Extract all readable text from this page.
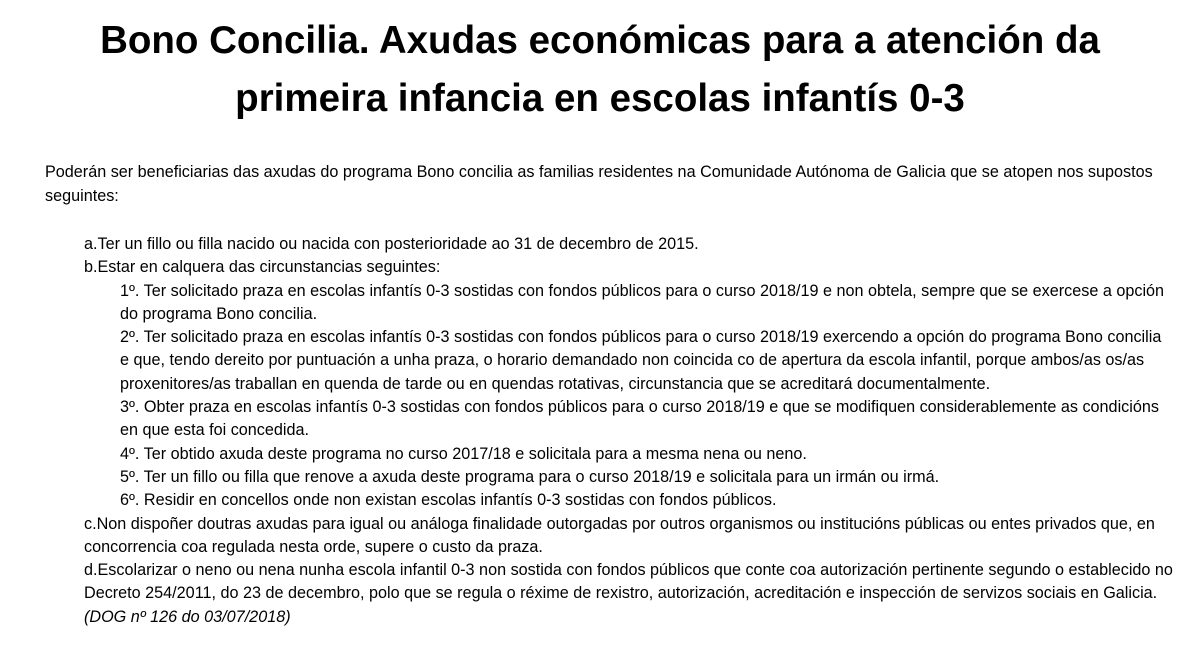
Bono Concilia. Axudas económicas para a atención da primeira infancia en escolas infantís 0-3

Poderán ser beneficiarias das axudas do programa Bono concilia as familias residentes na Comunidade Autónoma de Galicia que se atopen nos supostos seguintes:

a.Ter un fillo ou filla nacido ou nacida con posterioridade ao 31 de decembro de 2015.

b.Estar en calquera das circunstancias seguintes:

1º. Ter solicitado praza en escolas infantís 0-3 sostidas con fondos públicos para o curso 2018/19 e non obtela, sempre que se exercese a opción do programa Bono concilia.

2º. Ter solicitado praza en escolas infantís 0-3 sostidas con fondos públicos para o curso 2018/19 exercendo a opción do programa Bono concilia e que, tendo dereito por puntuación a unha praza, o horario demandado non coincida co de apertura da escola infantil, porque ambos/as os/as proxenitores/as traballan en quenda de tarde ou en quendas rotativas, circunstancia que se acreditará documentalmente.

3º. Obter praza en escolas infantís 0-3 sostidas con fondos públicos para o curso 2018/19 e que se modifiquen considerablemente as condicións en que esta foi concedida.

4º. Ter obtido axuda deste programa no curso 2017/18 e solicitala para a mesma nena ou neno.

5º. Ter un fillo ou filla que renove a axuda deste programa para o curso 2018/19 e solicitala para un irmán ou irmá.

6º. Residir en concellos onde non existan escolas infantís 0-3 sostidas con fondos públicos.

c.Non dispoñer doutras axudas para igual ou análoga finalidade outorgadas por outros organismos ou institucións públicas ou entes privados que, en concorrencia coa regulada nesta orde, supere o custo da praza.

d.Escolarizar o neno ou nena nunha escola infantil 0-3 non sostida con fondos públicos que conte coa autorización pertinente segundo o establecido no Decreto 254/2011, do 23 de decembro, polo que se regula o réxime de rexistro, autorización, acreditación e inspección de servizos sociais en Galicia.

(DOG nº 126 do 03/07/2018)
